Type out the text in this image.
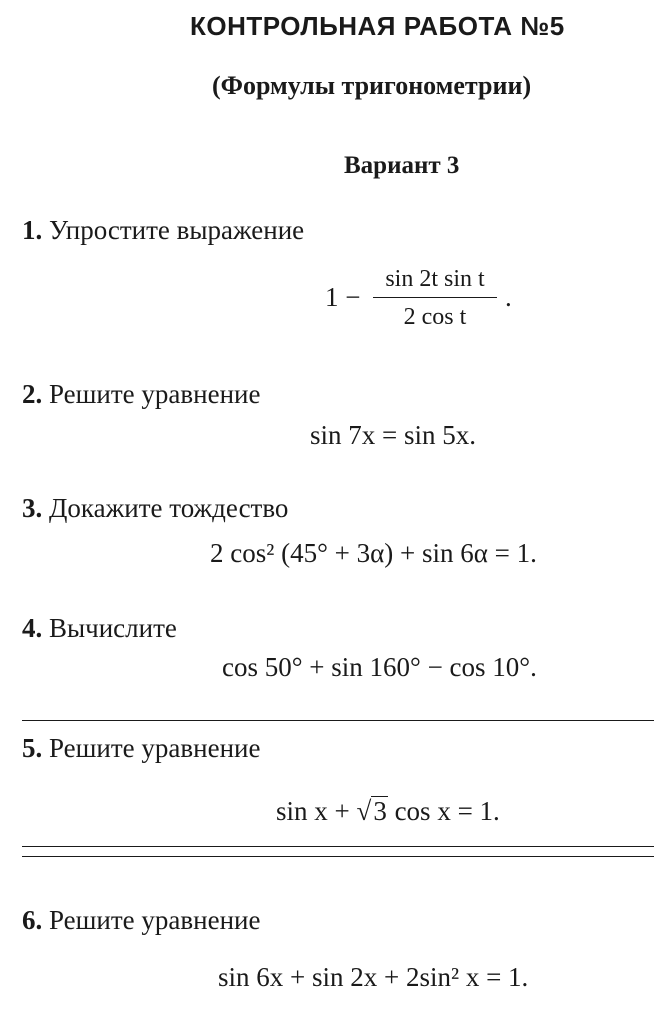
КОНТРОЛЬНАЯ РАБОТА №5
(Формулы тригонометрии)
Вариант 3
1. Упростите выражение
1 −
sin 2t sin t
2 cos t
.
2. Решите уравнение
sin 7x = sin 5x.
3. Докажите тождество
2 cos² (45° + 3α) + sin 6α = 1.
4. Вычислите
cos 50° + sin 160° − cos 10°.
5. Решите уравнение
sin x + √3 cos x = 1.
6. Решите уравнение
sin 6x + sin 2x + 2sin² x = 1.
